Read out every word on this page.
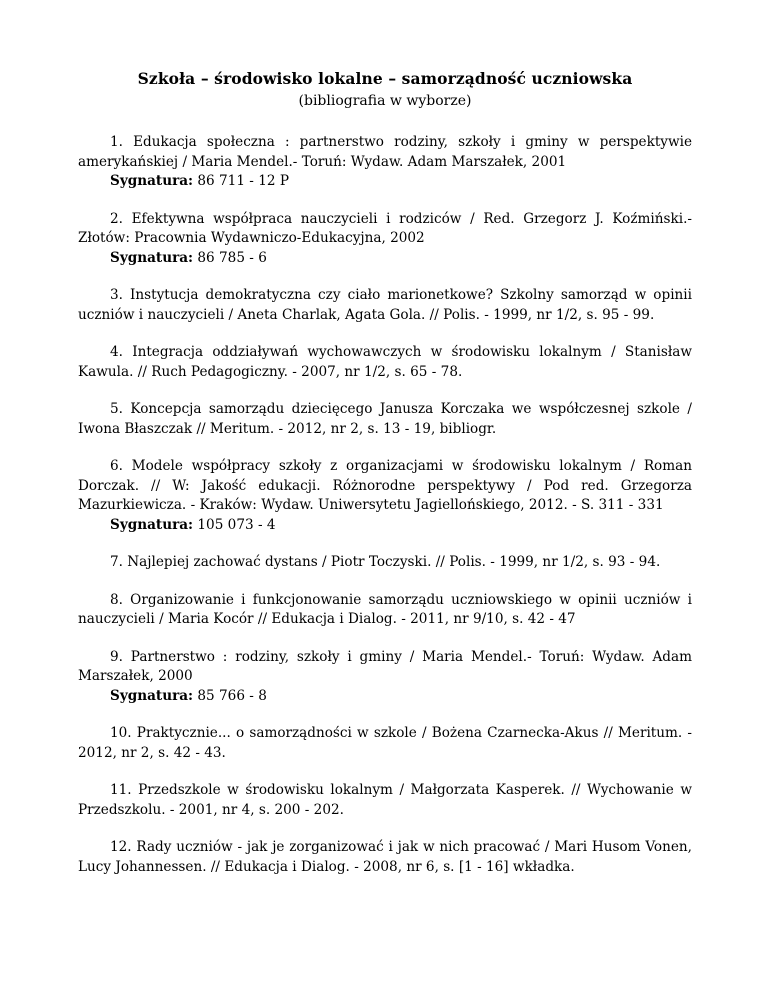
Szkoła – środowisko lokalne – samorządność uczniowska
(bibliografia w wyborze)
1. Edukacja społeczna : partnerstwo rodziny, szkoły i gminy w perspektywie amerykańskiej / Maria Mendel.- Toruń: Wydaw. Adam Marszałek, 2001
Sygnatura: 86 711 - 12 P
2. Efektywna współpraca nauczycieli i rodziców / Red. Grzegorz J. Koźmiński.- Złotów: Pracownia Wydawniczo-Edukacyjna, 2002
Sygnatura: 86 785 - 6
3. Instytucja demokratyczna czy ciało marionetkowe? Szkolny samorząd w opinii uczniów i nauczycieli / Aneta Charlak, Agata Gola. // Polis. - 1999, nr 1/2, s. 95 - 99.
4. Integracja oddziaływań wychowawczych w środowisku lokalnym / Stanisław Kawula. // Ruch Pedagogiczny. - 2007, nr 1/2, s. 65 - 78.
5. Koncepcja samorządu dziecięcego Janusza Korczaka we współczesnej szkole / Iwona Błaszczak // Meritum. - 2012, nr 2, s. 13 - 19, bibliogr.
6. Modele współpracy szkoły z organizacjami w środowisku lokalnym / Roman Dorczak. // W: Jakość edukacji. Różnorodne perspektywy / Pod red. Grzegorza Mazurkiewicza. - Kraków: Wydaw. Uniwersytetu Jagiellońskiego, 2012. - S. 311 - 331
Sygnatura: 105 073 - 4
7. Najlepiej zachować dystans / Piotr Toczyski. // Polis. - 1999, nr 1/2, s. 93 - 94.
8. Organizowanie i funkcjonowanie samorządu uczniowskiego w opinii uczniów i nauczycieli / Maria Kocór // Edukacja i Dialog. - 2011, nr 9/10, s. 42 - 47
9. Partnerstwo : rodziny, szkoły i gminy / Maria Mendel.- Toruń: Wydaw. Adam Marszałek, 2000
Sygnatura: 85 766 - 8
10. Praktycznie... o samorządności w szkole / Bożena Czarnecka-Akus // Meritum. - 2012, nr 2, s. 42 - 43.
11. Przedszkole w środowisku lokalnym / Małgorzata Kasperek. // Wychowanie w Przedszkolu. - 2001, nr 4, s. 200 - 202.
12. Rady uczniów - jak je zorganizować i jak w nich pracować / Mari Husom Vonen, Lucy Johannessen. // Edukacja i Dialog. - 2008, nr 6, s. [1 - 16] wkładka.
